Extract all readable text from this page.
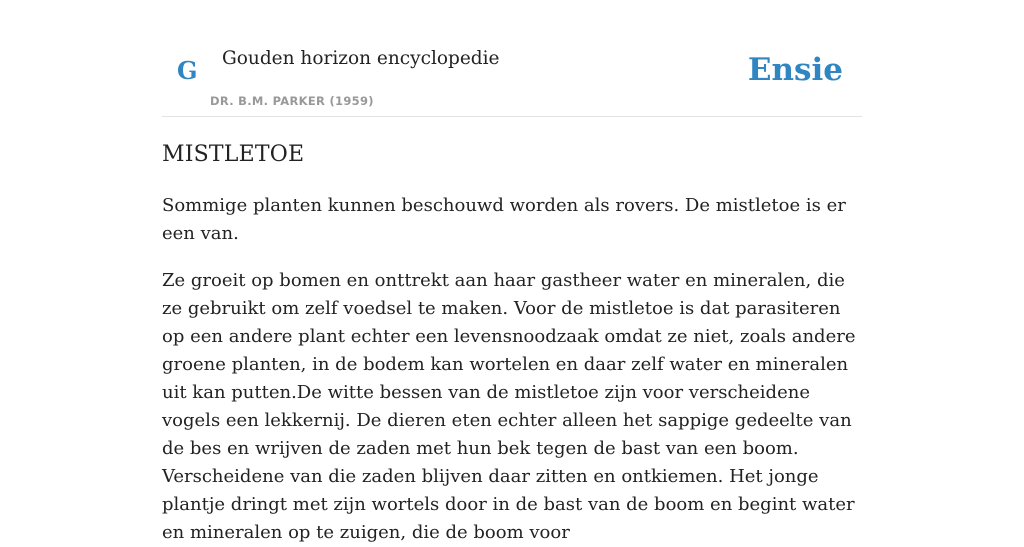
G Gouden horizon encyclopedie
DR. B.M. PARKER (1959)
Ensie
MISTLETOE

Sommige planten kunnen beschouwd worden als rovers. De mistletoe is er een van.

Ze groeit op bomen en onttrekt aan haar gastheer water en mineralen, die ze gebruikt om zelf voedsel te maken. Voor de mistletoe is dat parasiteren op een andere plant echter een levensnoodzaak omdat ze niet, zoals andere groene planten, in de bodem kan wortelen en daar zelf water en mineralen uit kan putten.De witte bessen van de mistletoe zijn voor verscheidene vogels een lekkernij. De dieren eten echter alleen het sappige gedeelte van de bes en wrijven de zaden met hun bek tegen de bast van een boom. Verscheidene van die zaden blijven daar zitten en ontkiemen. Het jonge plantje dringt met zijn wortels door in de bast van de boom en begint water en mineralen op te zuigen, die de boom voor
